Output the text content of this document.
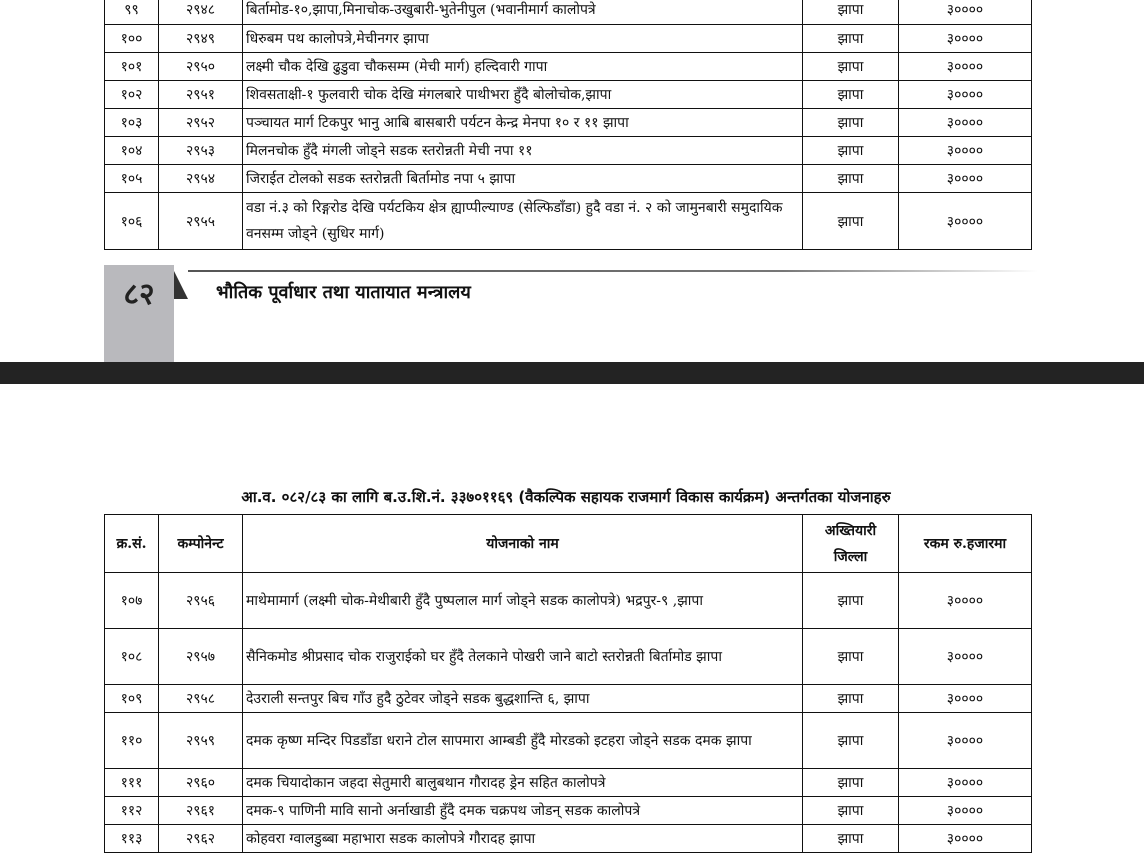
९९	२९४८	बिर्तामोड-१०,झापा,मिनाचोक-उखुबारी-भुतेनीपुल (भवानीमार्ग कालोपत्रे	झापा	३००००
१००	२९४९	धिरुबम पथ कालोपत्रे,मेचीनगर झापा	झापा	३००००
१०१	२९५०	लक्ष्मी चौक देखि ढुडुवा चौकसम्म (मेची मार्ग) हल्दिवारी गापा	झापा	३००००
१०२	२९५१	शिवसताक्षी-१ फुलवारी चोक देखि मंगलबारे पाथीभरा हुँदै बोलोचोक,झापा	झापा	३००००
१०३	२९५२	पञ्चायत मार्ग टिकपुर भानु आबि बासबारी पर्यटन केन्द्र मेनपा १० र ११ झापा	झापा	३००००
१०४	२९५३	मिलनचोक हुँदै मंगली जोड्ने सडक स्तरोन्नती मेची नपा ११	झापा	३००००
१०५	२९५४	जिराईत टोलको सडक स्तरोन्नती बिर्तामोड नपा ५ झापा	झापा	३००००
१०६	२९५५	वडा नं.३ को रिङ्गरोड देखि पर्यटकिय क्षेत्र ह्याप्पील्याण्ड (सेल्फिडाँडा) हुदै वडा नं. २ को जामुनबारी समुदायिक वनसम्म जोड्ने (सुधिर मार्ग)	झापा	३००००
८२	भौतिक पूर्वाधार तथा यातायात मन्त्रालय
आ.व. ०८२/८३ का लागि ब.उ.शि.नं. ३३७०११६९ (वैकल्पिक सहायक राजमार्ग विकास कार्यक्रम) अन्तर्गतका योजनाहरु
क्र.सं.	कम्पोनेन्ट	योजनाको नाम	अख्तियारी जिल्ला	रकम रु.हजारमा
१०७	२९५६	माथेमामार्ग (लक्ष्मी चोक-मेथीबारी हुँदै पुष्पलाल मार्ग जोड्ने सडक कालोपत्रे) भद्रपुर-९ ,झापा	झापा	३००००
१०८	२९५७	सैनिकमोड श्रीप्रसाद चोक राजुराईको घर हुँदै तेलकाने पोखरी जाने बाटो स्तरोन्नती बिर्तामोड झापा	झापा	३००००
१०९	२९५८	देउराली सन्तपुर बिच गाँउ हुदै ठुटेवर जोड्ने सडक बुद्धशान्ति ६, झापा	झापा	३००००
११०	२९५९	दमक कृष्ण मन्दिर पिडडाँडा धराने टोल सापमारा आम्बडी हुँदै मोरडको इटहरा जोड्ने सडक दमक झापा	झापा	३००००
१११	२९६०	दमक चियादोकान जहदा सेतुमारी बालुबथान गौरादह ड्रेन सहित कालोपत्रे	झापा	३००००
११२	२९६१	दमक-९ पाणिनी मावि सानो अर्नाखाडी हुँदै दमक चक्रपथ जोडन् सडक कालोपत्रे	झापा	३००००
११३	२९६२	कोहवरा ग्वालडुब्बा महाभारा सडक कालोपत्रे गौरादह झापा	झापा	३००००
